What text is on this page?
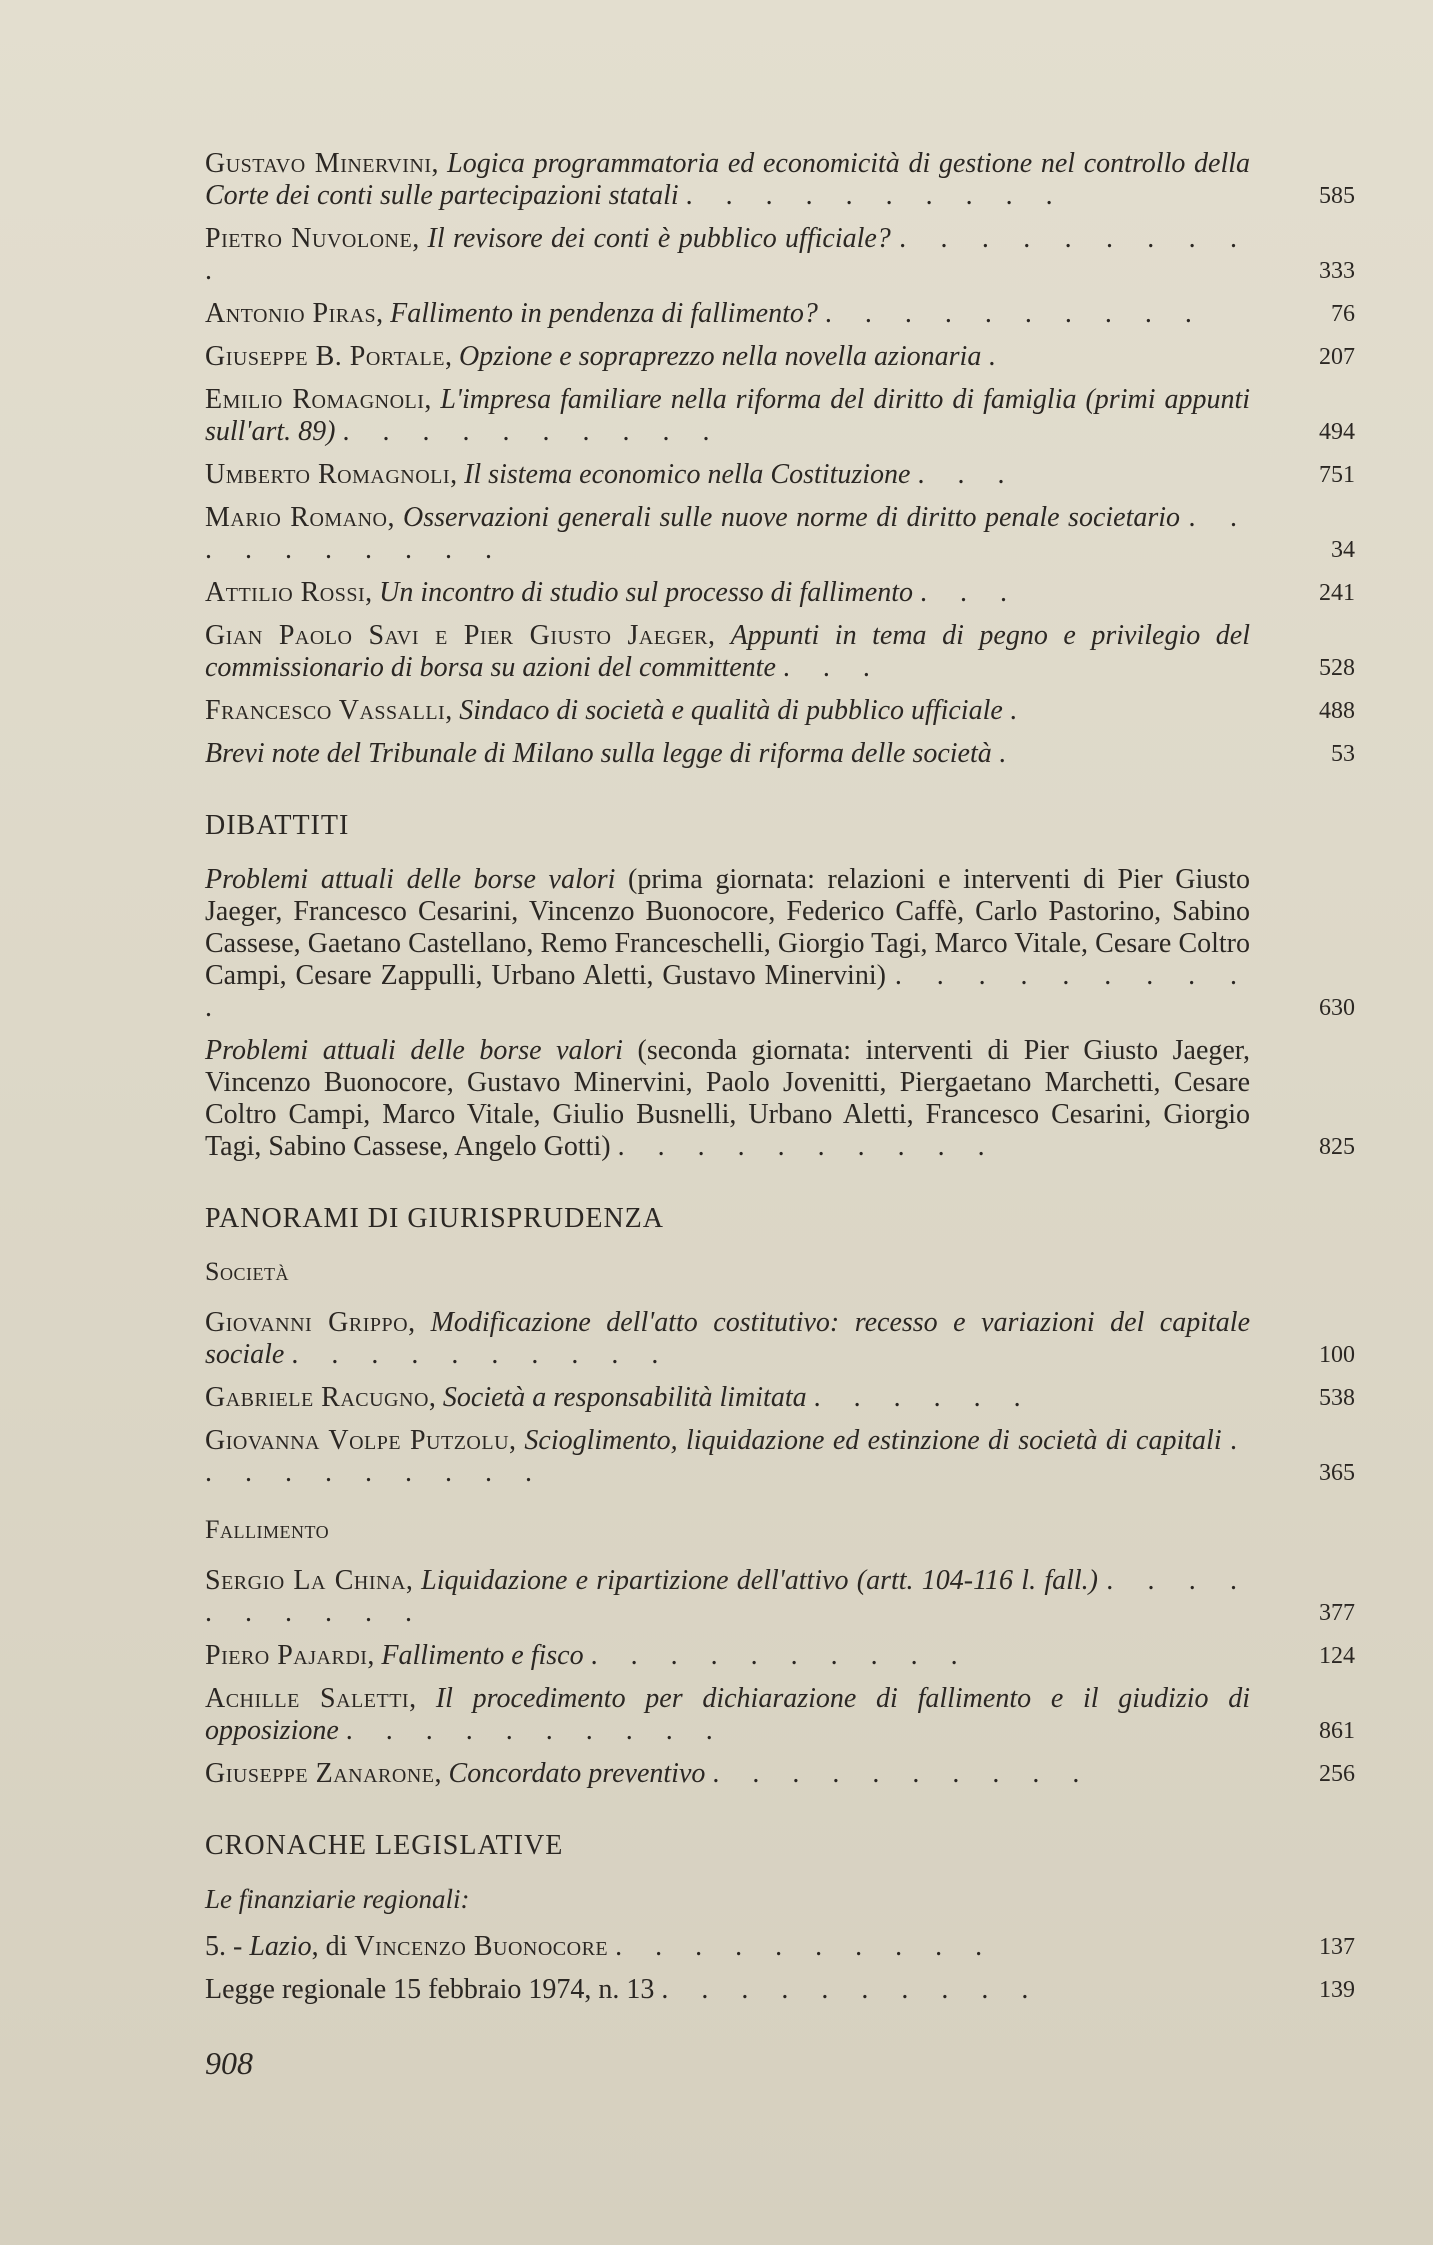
Gustavo Minervini, Logica programmatoria ed economicità di gestione nel controllo della Corte dei conti sulle partecipazioni statali . . . . . . . . . .	585
Pietro Nuvolone, Il revisore dei conti è pubblico ufficiale? . . . . . . . . . .	333
Antonio Piras, Fallimento in pendenza di fallimento? . . . . . . . . . .	76
Giuseppe B. Portale, Opzione e sopraprezzo nella novella azionaria .	207
Emilio Romagnoli, L'impresa familiare nella riforma del diritto di famiglia (primi appunti sull'art. 89) . . . . . . . . . .	494
Umberto Romagnoli, Il sistema economico nella Costituzione . . .	751
Mario Romano, Osservazioni generali sulle nuove norme di diritto penale societario . . . . . . . . . .	34
Attilio Rossi, Un incontro di studio sul processo di fallimento . . .	241
Gian Paolo Savi e Pier Giusto Jaeger, Appunti in tema di pegno e privilegio del commissionario di borsa su azioni del committente . . .	528
Francesco Vassalli, Sindaco di società e qualità di pubblico ufficiale .	488
Brevi note del Tribunale di Milano sulla legge di riforma delle società .	53
DIBATTITI
Problemi attuali delle borse valori (prima giornata: relazioni e interventi di Pier Giusto Jaeger, Francesco Cesarini, Vincenzo Buonocore, Federico Caffè, Carlo Pastorino, Sabino Cassese, Gaetano Castellano, Remo Franceschelli, Giorgio Tagi, Marco Vitale, Cesare Coltro Campi, Cesare Zappulli, Urbano Aletti, Gustavo Minervini) . . . . . . . . . .	630
Problemi attuali delle borse valori (seconda giornata: interventi di Pier Giusto Jaeger, Vincenzo Buonocore, Gustavo Minervini, Paolo Jovenitti, Piergaetano Marchetti, Cesare Coltro Campi, Marco Vitale, Giulio Busnelli, Urbano Aletti, Francesco Cesarini, Giorgio Tagi, Sabino Cassese, Angelo Gotti) . . . . . . . . . .	825
PANORAMI DI GIURISPRUDENZA
Società
Giovanni Grippo, Modificazione dell'atto costitutivo: recesso e variazioni del capitale sociale . . . . . . . . . .	100
Gabriele Racugno, Società a responsabilità limitata . . . . . .	538
Giovanna Volpe Putzolu, Scioglimento, liquidazione ed estinzione di società di capitali . . . . . . . . . .	365
Fallimento
Sergio La China, Liquidazione e ripartizione dell'attivo (artt. 104-116 l. fall.) . . . . . . . . . .	377
Piero Pajardi, Fallimento e fisco . . . . . . . . . .	124
Achille Saletti, Il procedimento per dichiarazione di fallimento e il giudizio di opposizione . . . . . . . . . .	861
Giuseppe Zanarone, Concordato preventivo . . . . . . . . . .	256
CRONACHE LEGISLATIVE
Le finanziarie regionali:
5. - Lazio, di Vincenzo Buonocore . . . . . . . . . .	137
Legge regionale 15 febbraio 1974, n. 13 . . . . . . . . . .	139
908
